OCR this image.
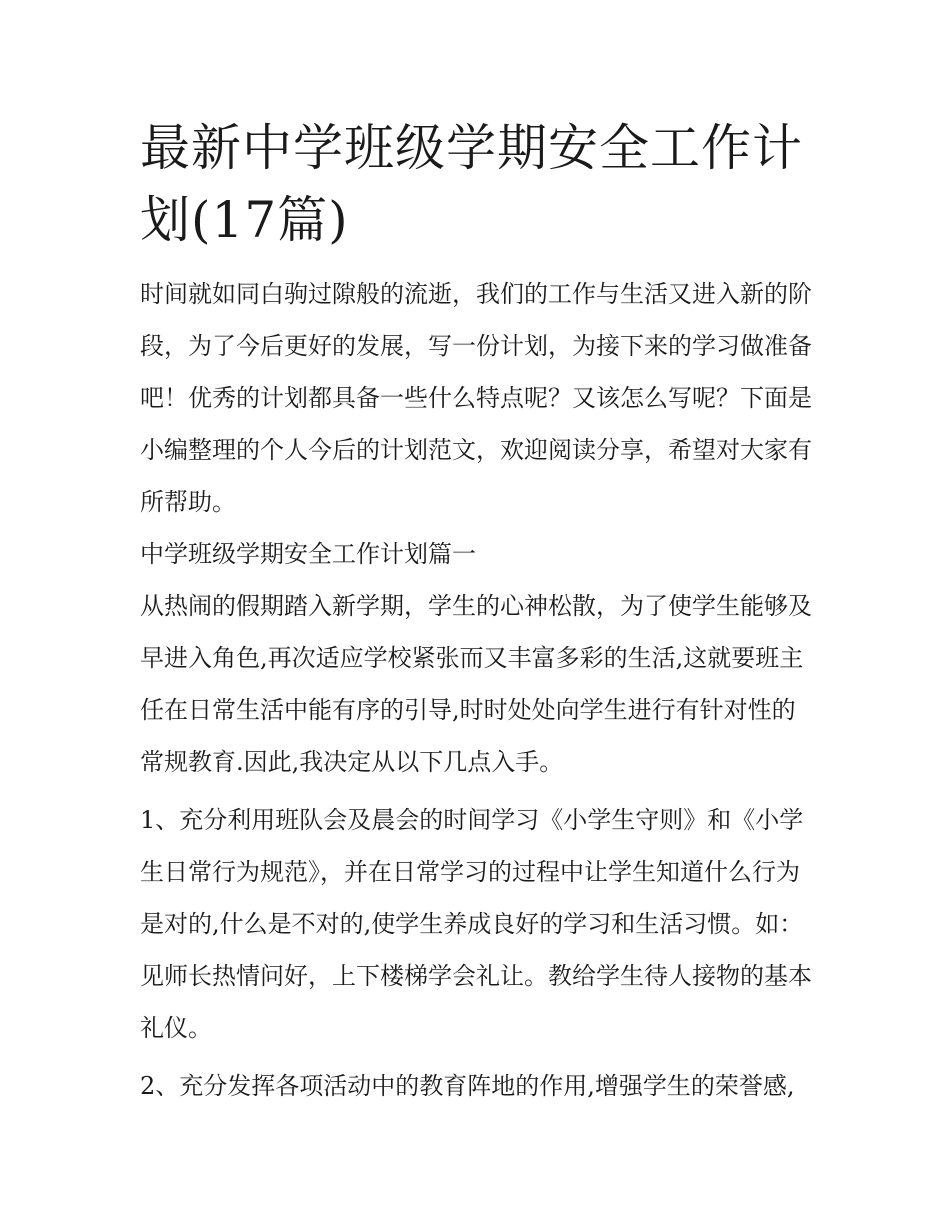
最新中学班级学期安全工作计划(17篇)

时间就如同白驹过隙般的流逝，我们的工作与生活又进入新的阶段，为了今后更好的发展，写一份计划，为接下来的学习做准备吧！优秀的计划都具备一些什么特点呢？又该怎么写呢？下面是小编整理的个人今后的计划范文，欢迎阅读分享，希望对大家有所帮助。

中学班级学期安全工作计划篇一

从热闹的假期踏入新学期，学生的心神松散，为了使学生能够及早进入角色,再次适应学校紧张而又丰富多彩的生活,这就要班主任在日常生活中能有序的引导,时时处处向学生进行有针对性的常规教育.因此,我决定从以下几点入手。

1、充分利用班队会及晨会的时间学习《小学生守则》和《小学生日常行为规范》，并在日常学习的过程中让学生知道什么行为是对的,什么是不对的,使学生养成良好的学习和生活习惯。如：见师长热情问好，上下楼梯学会礼让。教给学生待人接物的基本礼仪。

2、充分发挥各项活动中的教育阵地的作用,增强学生的荣誉感,
